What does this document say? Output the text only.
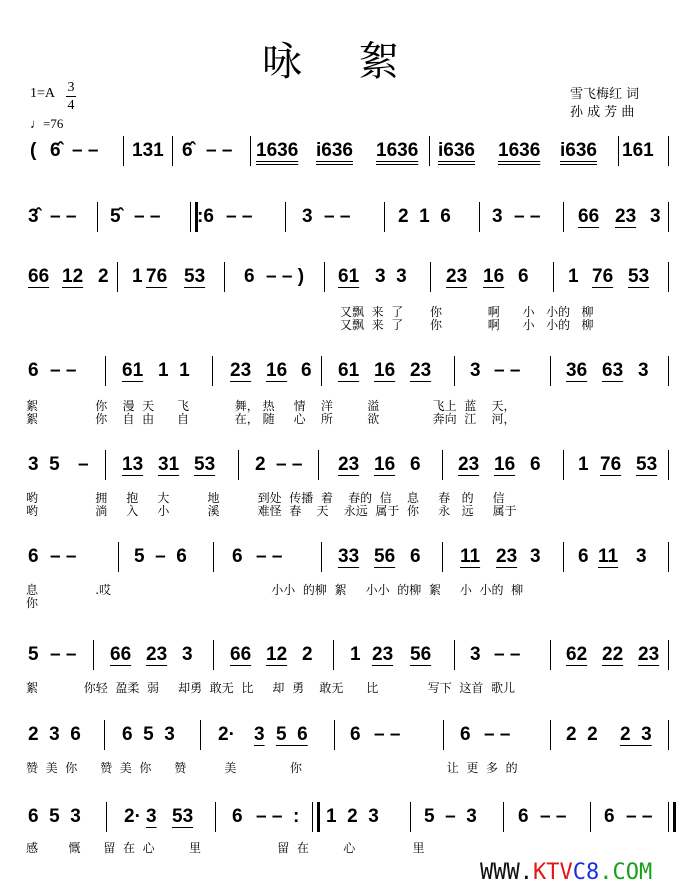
咏 絮
1=A 3
4
♩=76
雪飞梅红 词
孙 成 芳 曲
( 6̂ – – 131 6̂ – – 1636 i636 1636 i636 1636 i636 161
3̂ – – 5̂ – – :6 – –	3 – –	2  1  6 3 – – 66 23 3
66 12 2 1 76 53 6 – – ) 61 3  3 23 16 6 1 76 53
又飘  来  了       你            啊      小   小的   柳
又飘  来  了       你            啊      小   小的   柳
6 – – 61 1  1 23 16 6 61 16 23 3 – – 36 63 3
絮               你    漫  天      飞            舞， 热     情    洋         溢              飞上  蓝    天，
絮               你    自  由      自            在， 随     心    所         欲              奔向  江    河，
3  5 – 13 31 53 2 – – 23 16 6 23 16 6 1 76 53
哟               拥     抱     大          地          到处  传播  着    春的  信    息     春   的     信
哟               淌     入     小          溪          难怪  春    天    永远  属于  你     永   远     属于
6 – –	5  –  6 6 – –	33 56 6 11 23 3 6 11 3
息               .哎                                          小小  的柳  絮     小小  的柳  絮     小  小的  柳
你
5 – – 66 23 3 66 12 2 1 23 56 3 – – 62 22 23
絮            你轻  盈柔  弱     却勇  敢无  比     却  勇    敢无      比             写下  这首  歌儿
2  3  6 6  5  3 2· 3 5  6 6 – –	6 – –	2  2 2  3
赞  美  你      赞  美  你      赞          美              你                                      让  更  多  的
6  5  3 2· 3 53 6 – –  : 1  2  3 5  –  3 6 – – 6 – –
感        慨      留  在  心         里                    留  在         心               里
WWW.KTVC8.COM
